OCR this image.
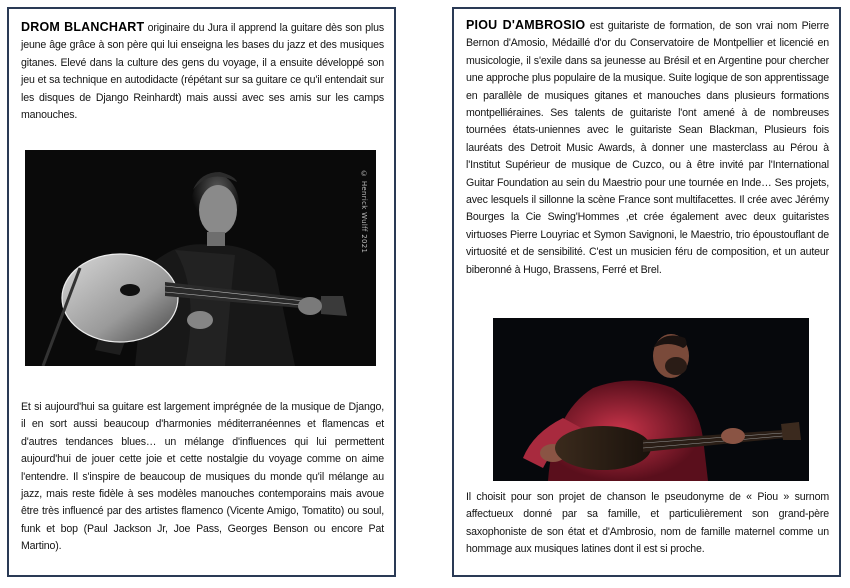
DROM BLANCHART originaire du Jura il apprend la guitare dès son plus jeune âge grâce à son père qui lui enseigna les bases du jazz et des musiques gitanes. Elevé dans la culture des gens du voyage, il a ensuite développé son jeu et sa technique en autodidacte (répétant sur sa guitare ce qu'il entendait sur les disques de Django Reinhardt) mais aussi avec ses amis sur les camps manouches.

© Henrick Wulff 2021

Et si aujourd'hui sa guitare est largement imprégnée de la musique de Django, il en sort aussi beaucoup d'harmonies méditerranéennes et flamencas et d'autres tendances blues… un mélange d'influences qui lui permettent aujourd'hui de jouer cette joie et cette nostalgie du voyage comme on aime l'entendre. Il s'inspire de beaucoup de musiques du monde qu'il mélange au jazz, mais reste fidèle à ses modèles manouches contemporains mais avoue être très influencé par des artistes flamenco (Vicente Amigo, Tomatito) ou soul, funk et bop (Paul Jackson Jr, Joe Pass, Georges Benson ou encore Pat Martino).

PIOU D'AMBROSIO est guitariste de formation, de son vrai nom Pierre Bernon d'Amosio, Médaillé d'or du Conservatoire de Montpellier et licencié en musicologie, il s'exile dans sa jeunesse au Brésil et en Argentine pour chercher une approche plus populaire de la musique. Suite logique de son apprentissage en parallèle de musiques gitanes et manouches dans plusieurs formations montpelliéraines. Ses talents de guitariste l'ont amené à de nombreuses tournées états-uniennes avec le guitariste Sean Blackman, Plusieurs fois lauréats des Detroit Music Awards, à donner une masterclass au Pérou à l'Institut Supérieur de musique de Cuzco, ou à être invité par l'International Guitar Foundation au sein du Maestrio pour une tournée en Inde… Ses projets, avec lesquels il sillonne la scène France sont multifacettes. Il crée avec Jérémy Bourges la Cie Swing'Hommes ,et crée également avec deux guitaristes virtuoses Pierre Louyriac et Symon Savignoni, le Maestrio, trio époustouflant de virtuosité et de sensibilité. C'est un musicien féru de composition, et un auteur biberonné à Hugo, Brassens, Ferré et Brel.

Il choisit pour son projet de chanson le pseudonyme de « Piou » surnom affectueux donné par sa famille, et particulièrement son grand-père saxophoniste de son état et d'Ambrosio, nom de famille maternel comme un hommage aux musiques latines dont il est si proche.
